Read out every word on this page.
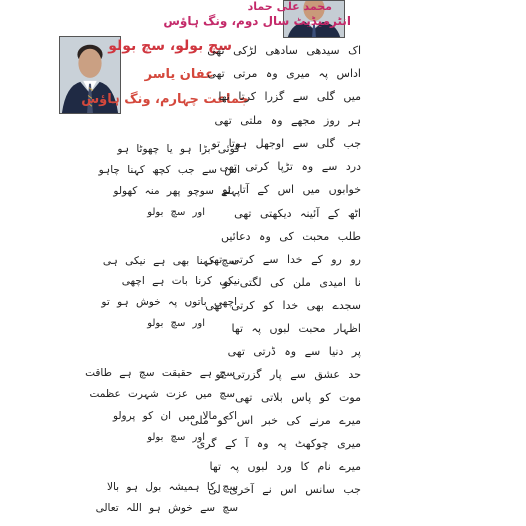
محمد علی حماد
انٹرمیڈیٹ سال دوم، ونگ ہاؤس
سچ بولو، سچ بولو
عفان یاسر
جماعت چہارم، ونگ ہاؤس
کوئی بڑا ہو یا چھوٹا ہو
اس سے جب کچھ کہنا چاہو
پہلے سوچو پھر منہ کھولو
اور سچ بولو
سچ کہنا بھی ہے نیکی ہی
نیکی کرنا بات ہے اچھی
اچھی باتوں پہ خوش ہو تو
اور سچ بولو
سچ ہے حقیقت سچ ہے طاقت
سچ میں عزت شہرت عظمت
اک مالا میں ان کو پرولو
اور سچ بولو
سچ کا ہمیشہ بول ہو بالا
سچ سے خوش ہو اللہ تعالی
اک سیدھی سادھی لڑکی تھی
اداس پہ میری وہ مرتی تھی
میں گلی سے گزرا کرتا تھا
ہر روز مجھے وہ ملتی تھی
جب گلی سے اوجھل ہوتا تو
درد سے وہ تڑپا کرتی تھی
خوابوں میں اس کے آتا تو
اٹھ کے آئینہ دیکھتی تھی
طلب محبت کی وہ دعائیں
رو رو کے خدا سے کرتی تھی
نا امیدی ملن کی لگتی تو
سجدے بھی خدا کو کرتی تھی
اظہار محبت لبوں پہ تھا
پر دنیا سے وہ ڈرتی تھی
حد عشق سے پار گزرتی تو
موت کو پاس بلاتی تھی
میرے مرنے کی خبر اس کو ملی
میری چوکھٹ پہ وہ آ کے گری
میرے نام کا ورد لبوں پہ تھا
جب سانس اس نے آخری لی
